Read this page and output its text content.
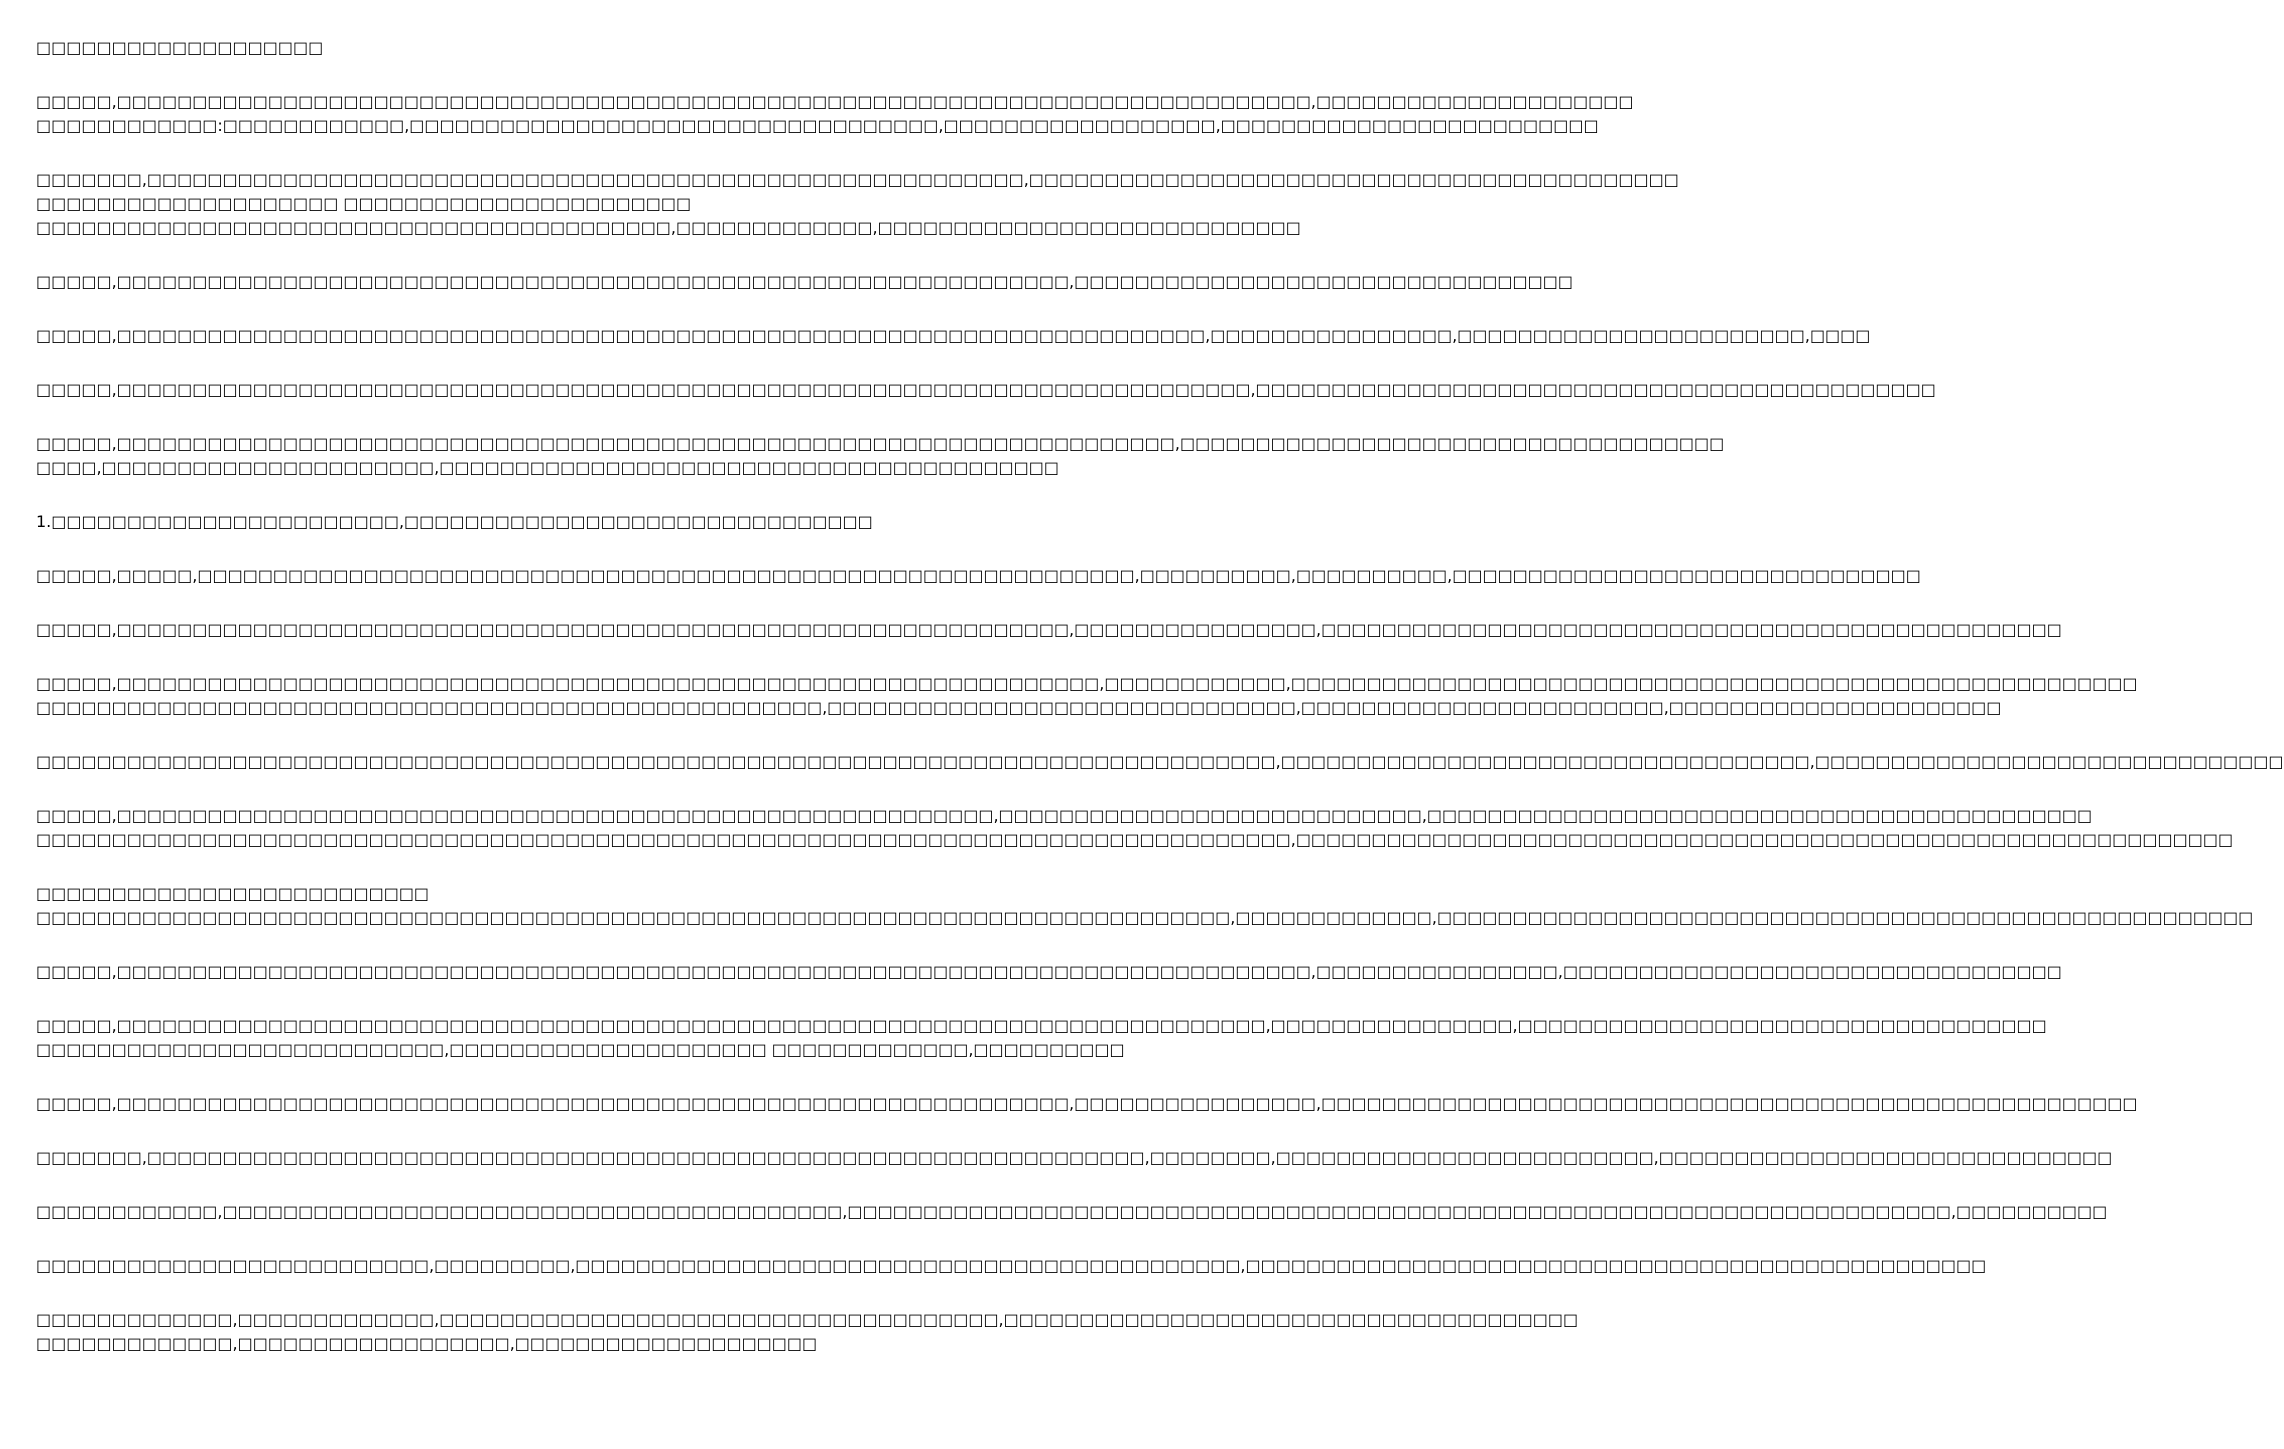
□□□□□□□□□□□□□□□□□□□
□□□□□,□□□□□□□□□□□□□□□□□□□□□□□□□□□□□□□□□□□□□□□□□□□□□□□□□□□□□□□□□□□□□□□□□□□□□□□□□□□□□□□,□□□□□□□□□□□□□□□□□□□□□
□□□□□□□□□□□□:□□□□□□□□□□□□,□□□□□□□□□□□□□□□□□□□□□□□□□□□□□□□□□□□,□□□□□□□□□□□□□□□□□□,□□□□□□□□□□□□□□□□□□□□□□□□□
□□□□□□□,□□□□□□□□□□□□□□□□□□□□□□□□□□□□□□□□□□□□□□□□□□□□□□□□□□□□□□□□□□,□□□□□□□□□□□□□□□□□□□□□□□□□□□□□□□□□□□□□□□□□□□
□□□□□□□□□□□□□□□□□□□□ □□□□□□□□□□□□□□□□□□□□□□□
□□□□□□□□□□□□□□□□□□□□□□□□□□□□□□□□□□□□□□□□□□,□□□□□□□□□□□□□,□□□□□□□□□□□□□□□□□□□□□□□□□□□□
□□□□□,□□□□□□□□□□□□□□□□□□□□□□□□□□□□□□□□□□□□□□□□□□□□□□□□□□□□□□□□□□□□□□□,□□□□□□□□□□□□□□□□□□□□□□□□□□□□□□□□□
□□□□□,□□□□□□□□□□□□□□□□□□□□□□□□□□□□□□□□□□□□□□□□□□□□□□□□□□□□□□□□□□□□□□□□□□□□□□□□,□□□□□□□□□□□□□□□□,□□□□□□□□□□□□□□□□□□□□□□□,□□□□
□□□□□,□□□□□□□□□□□□□□□□□□□□□□□□□□□□□□□□□□□□□□□□□□□□□□□□□□□□□□□□□□□□□□□□□□□□□□□□□□□,□□□□□□□□□□□□□□□□□□□□□□□□□□□□□□□□□□□□□□□□□□□□□
□□□□□,□□□□□□□□□□□□□□□□□□□□□□□□□□□□□□□□□□□□□□□□□□□□□□□□□□□□□□□□□□□□□□□□□□□□□□,□□□□□□□□□□□□□□□□□□□□□□□□□□□□□□□□□□□□
□□□□,□□□□□□□□□□□□□□□□□□□□□□,□□□□□□□□□□□□□□□□□□□□□□□□□□□□□□□□□□□□□□□□□
1.□□□□□□□□□□□□□□□□□□□□□□□,□□□□□□□□□□□□□□□□□□□□□□□□□□□□□□□
□□□□□,□□□□□,□□□□□□□□□□□□□□□□□□□□□□□□□□□□□□□□□□□□□□□□□□□□□□□□□□□□□□□□□□□□□□,□□□□□□□□□□,□□□□□□□□□□,□□□□□□□□□□□□□□□□□□□□□□□□□□□□□□□
□□□□□,□□□□□□□□□□□□□□□□□□□□□□□□□□□□□□□□□□□□□□□□□□□□□□□□□□□□□□□□□□□□□□□,□□□□□□□□□□□□□□□□,□□□□□□□□□□□□□□□□□□□□□□□□□□□□□□□□□□□□□□□□□□□□□□□□□
□□□□□,□□□□□□□□□□□□□□□□□□□□□□□□□□□□□□□□□□□□□□□□□□□□□□□□□□□□□□□□□□□□□□□□□,□□□□□□□□□□□□,□□□□□□□□□□□□□□□□□□□□□□□□□□□□□□□□□□□□□□□□□□□□□□□□□□□□□□□□
□□□□□□□□□□□□□□□□□□□□□□□□□□□□□□□□□□□□□□□□□□□□□□□□□□□□,□□□□□□□□□□□□□□□□□□□□□□□□□□□□□□□,□□□□□□□□□□□□□□□□□□□□□□□□,□□□□□□□□□□□□□□□□□□□□□□
□□□□□□□□□□□□□□□□□□□□□□□□□□□□□□□□□□□□□□□□□□□□□□□□□□□□□□□□□□□□□□□□□□□□□□□□□□□□□□□□□□,□□□□□□□□□□□□□□□□□□□□□□□□□□□□□□□□□□□,□□□□□□□□□□□□□□□□□□□□□□□□□□□□□□□
□□□□□,□□□□□□□□□□□□□□□□□□□□□□□□□□□□□□□□□□□□□□□□□□□□□□□□□□□□□□□□□□,□□□□□□□□□□□□□□□□□□□□□□□□□□□□,□□□□□□□□□□□□□□□□□□□□□□□□□□□□□□□□□□□□□□□□□□□□
□□□□□□□□□□□□□□□□□□□□□□□□□□□□□□□□□□□□□□□□□□□□□□□□□□□□□□□□□□□□□□□□□□□□□□□□□□□□□□□□□□□,□□□□□□□□□□□□□□□□□□□□□□□□□□□□□□□□□□□□□□□□□□□□□□□□□□□□□□□□□□□□□□
□□□□□□□□□□□□□□□□□□□□□□□□□□
□□□□□□□□□□□□□□□□□□□□□□□□□□□□□□□□□□□□□□□□□□□□□□□□□□□□□□□□□□□□□□□□□□□□□□□□□□□□□□□,□□□□□□□□□□□□□,□□□□□□□□□□□□□□□□□□□□□□□□□□□□□□□□□□□□□□□□□□□□□□□□□□□□□□
□□□□□,□□□□□□□□□□□□□□□□□□□□□□□□□□□□□□□□□□□□□□□□□□□□□□□□□□□□□□□□□□□□□□□□□□□□□□□□□□□□□□□,□□□□□□□□□□□□□□□□,□□□□□□□□□□□□□□□□□□□□□□□□□□□□□□□□□
□□□□□,□□□□□□□□□□□□□□□□□□□□□□□□□□□□□□□□□□□□□□□□□□□□□□□□□□□□□□□□□□□□□□□□□□□□□□□□□□□□,□□□□□□□□□□□□□□□□,□□□□□□□□□□□□□□□□□□□□□□□□□□□□□□□□□□□
□□□□□□□□□□□□□□□□□□□□□□□□□□□,□□□□□□□□□□□□□□□□□□□□□ □□□□□□□□□□□□□,□□□□□□□□□□
□□□□□,□□□□□□□□□□□□□□□□□□□□□□□□□□□□□□□□□□□□□□□□□□□□□□□□□□□□□□□□□□□□□□□,□□□□□□□□□□□□□□□□,□□□□□□□□□□□□□□□□□□□□□□□□□□□□□□□□□□□□□□□□□□□□□□□□□□□□□□
□□□□□□□,□□□□□□□□□□□□□□□□□□□□□□□□□□□□□□□□□□□□□□□□□□□□□□□□□□□□□□□□□□□□□□□□□□,□□□□□□□□,□□□□□□□□□□□□□□□□□□□□□□□□□,□□□□□□□□□□□□□□□□□□□□□□□□□□□□□□
□□□□□□□□□□□□,□□□□□□□□□□□□□□□□□□□□□□□□□□□□□□□□□□□□□□□□□,□□□□□□□□□□□□□□□□□□□□□□□□□□□□□□□□□□□□□□□□□□□□□□□□□□□□□□□□□□□□□□□□□□□□□□□□□,□□□□□□□□□□
□□□□□□□□□□□□□□□□□□□□□□□□□□,□□□□□□□□□,□□□□□□□□□□□□□□□□□□□□□□□□□□□□□□□□□□□□□□□□□□□□,□□□□□□□□□□□□□□□□□□□□□□□□□□□□□□□□□□□□□□□□□□□□□□□□□
□□□□□□□□□□□□□,□□□□□□□□□□□□□,□□□□□□□□□□□□□□□□□□□□□□□□□□□□□□□□□□□□□,□□□□□□□□□□□□□□□□□□□□□□□□□□□□□□□□□□□□□□
□□□□□□□□□□□□□,□□□□□□□□□□□□□□□□□□,□□□□□□□□□□□□□□□□□□□□
